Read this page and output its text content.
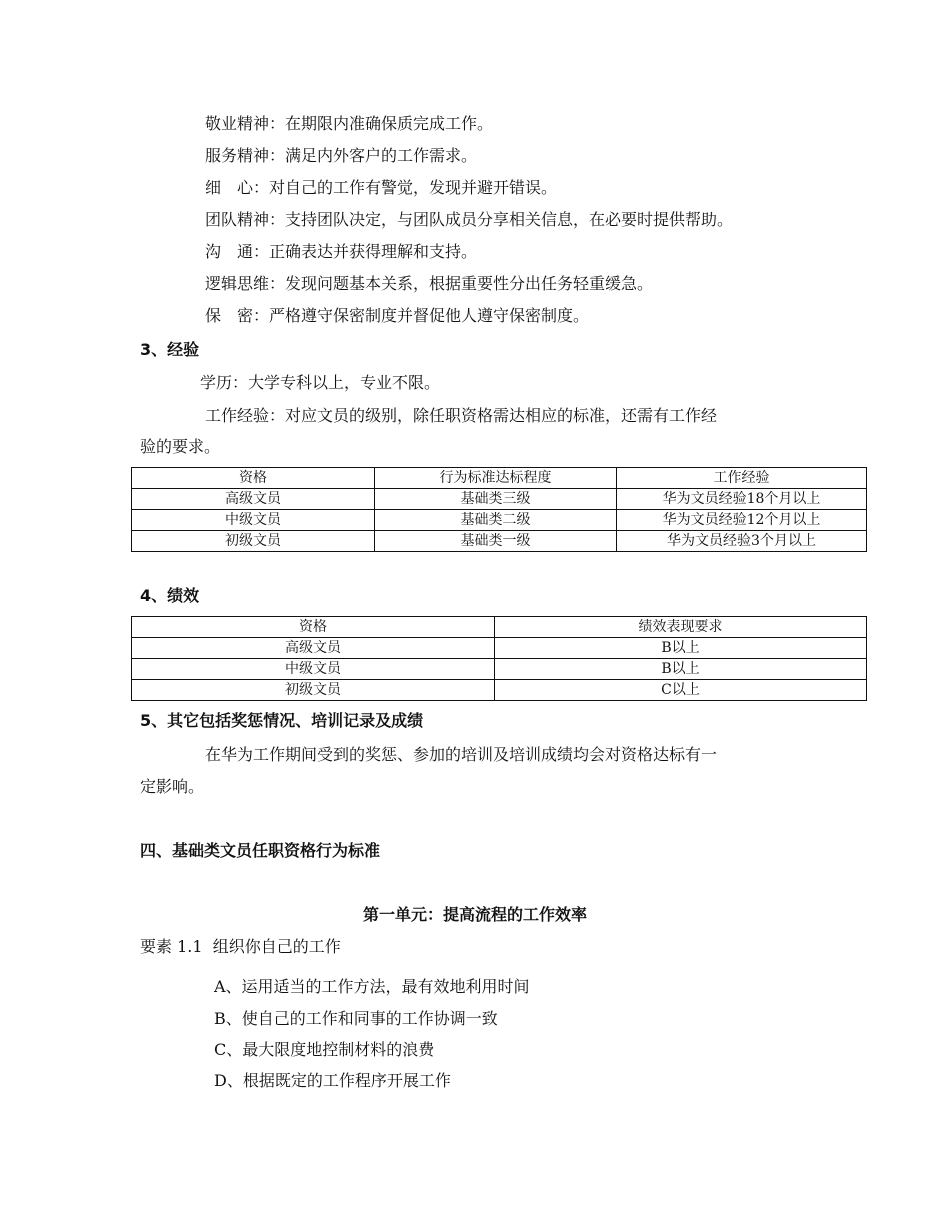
敬业精神：在期限内准确保质完成工作。
服务精神：满足内外客户的工作需求。
细　心：对自己的工作有警觉，发现并避开错误。
团队精神：支持团队决定，与团队成员分享相关信息，在必要时提供帮助。
沟　通：正确表达并获得理解和支持。
逻辑思维：发现问题基本关系，根据重要性分出任务轻重缓急。
保　密：严格遵守保密制度并督促他人遵守保密制度。
3、经验
学历：大学专科以上，专业不限。
工作经验：对应文员的级别，除任职资格需达相应的标准，还需有工作经
验的要求。
资格	行为标准达标程度	工作经验
高级文员	基础类三级	华为文员经验18个月以上
中级文员	基础类二级	华为文员经验12个月以上
初级文员	基础类一级	华为文员经验3个月以上
4、绩效
资格	绩效表现要求
高级文员	B以上
中级文员	B以上
初级文员	C以上
5、其它包括奖惩情况、培训记录及成绩
在华为工作期间受到的奖惩、参加的培训及培训成绩均会对资格达标有一
定影响。
四、基础类文员任职资格行为标准
第一单元：提高流程的工作效率
要素 1.1  组织你自己的工作
A、运用适当的工作方法，最有效地利用时间
B、使自己的工作和同事的工作协调一致
C、最大限度地控制材料的浪费
D、根据既定的工作程序开展工作
